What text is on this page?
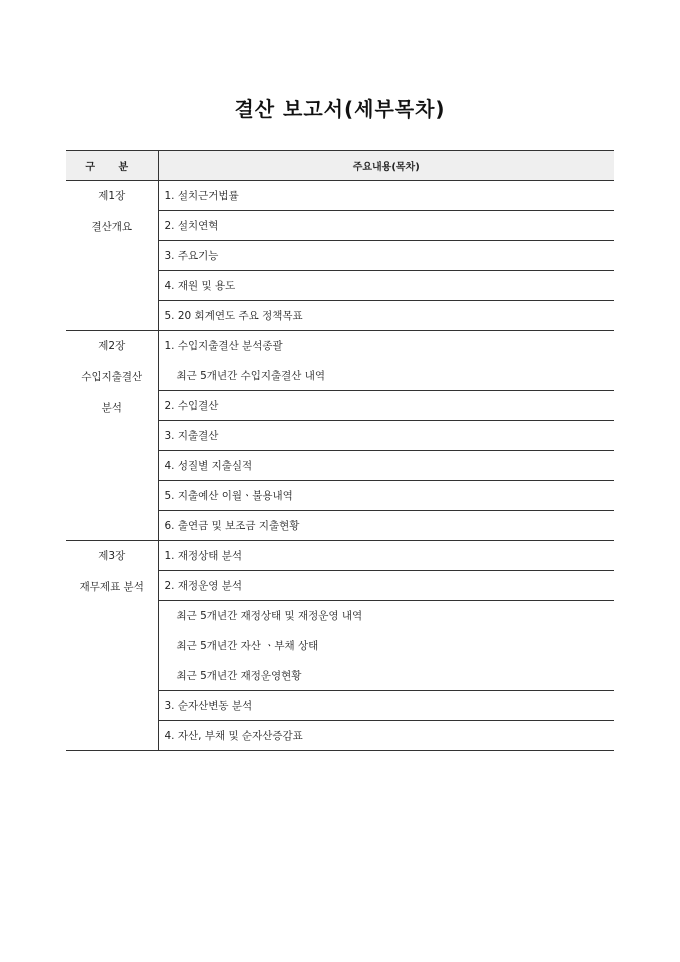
결산 보고서(세부목차)
구 분	주요내용(목차)

제1장
결산개요	1. 설치근거법률
	2. 설치연혁
	3. 주요기능
	4. 재원 및 용도
	5. 20 회계연도 주요 정책목표

제2장
수입지출결산
분석	1. 수입지출결산 분석종괄
	최근 5개년간 수입지출결산 내역
	2. 수입결산
	3. 지출결산
	4. 성질별 지출실적
	5. 지출예산 이월ㆍ불용내역
	6. 출연금 및 보조금 지출현황

제3장
재무제표 분석	1. 재정상태 분석
	2. 재정운영 분석
	최근 5개년간 재정상태 및 재정운영 내역
	최근 5개년간 자산 ㆍ부채 상태
	최근 5개년간 재정운영현황
	3. 순자산변동 분석
	4. 자산, 부채 및 순자산증감표
